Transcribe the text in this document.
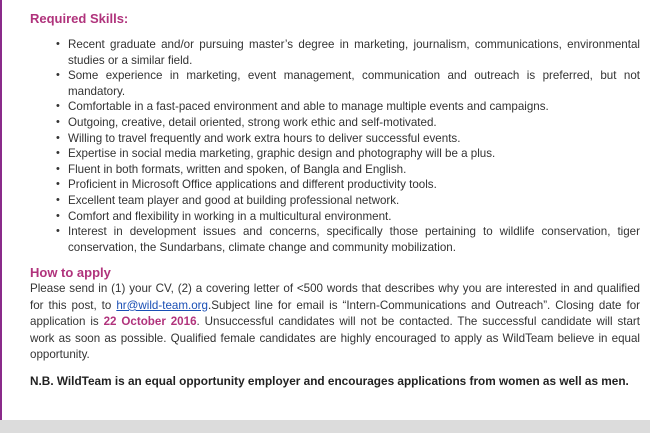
Required Skills:
• Recent graduate and/or pursuing master’s degree in marketing, journalism, communications, environmental studies or a similar field.
• Some experience in marketing, event management, communication and outreach is preferred, but not mandatory.
• Comfortable in a fast-paced environment and able to manage multiple events and campaigns.
• Outgoing, creative, detail oriented, strong work ethic and self-motivated.
• Willing to travel frequently and work extra hours to deliver successful events.
• Expertise in social media marketing, graphic design and photography will be a plus.
• Fluent in both formats, written and spoken, of Bangla and English.
• Proficient in Microsoft Office applications and different productivity tools.
• Excellent team player and good at building professional network.
• Comfort and flexibility in working in a multicultural environment.
• Interest in development issues and concerns, specifically those pertaining to wildlife conservation, tiger conservation, the Sundarbans, climate change and community mobilization.
How to apply

Please send in (1) your CV, (2) a covering letter of <500 words that describes why you are interested in and qualified for this post, to hr@wild-team.org.Subject line for email is “Intern-Communications and Outreach”. Closing date for application is 22 October 2016. Unsuccessful candidates will not be contacted. The successful candidate will start work as soon as possible. Qualified female candidates are highly encouraged to apply as WildTeam believe in equal opportunity.

N.B. WildTeam is an equal opportunity employer and encourages applications from women as well as men.
